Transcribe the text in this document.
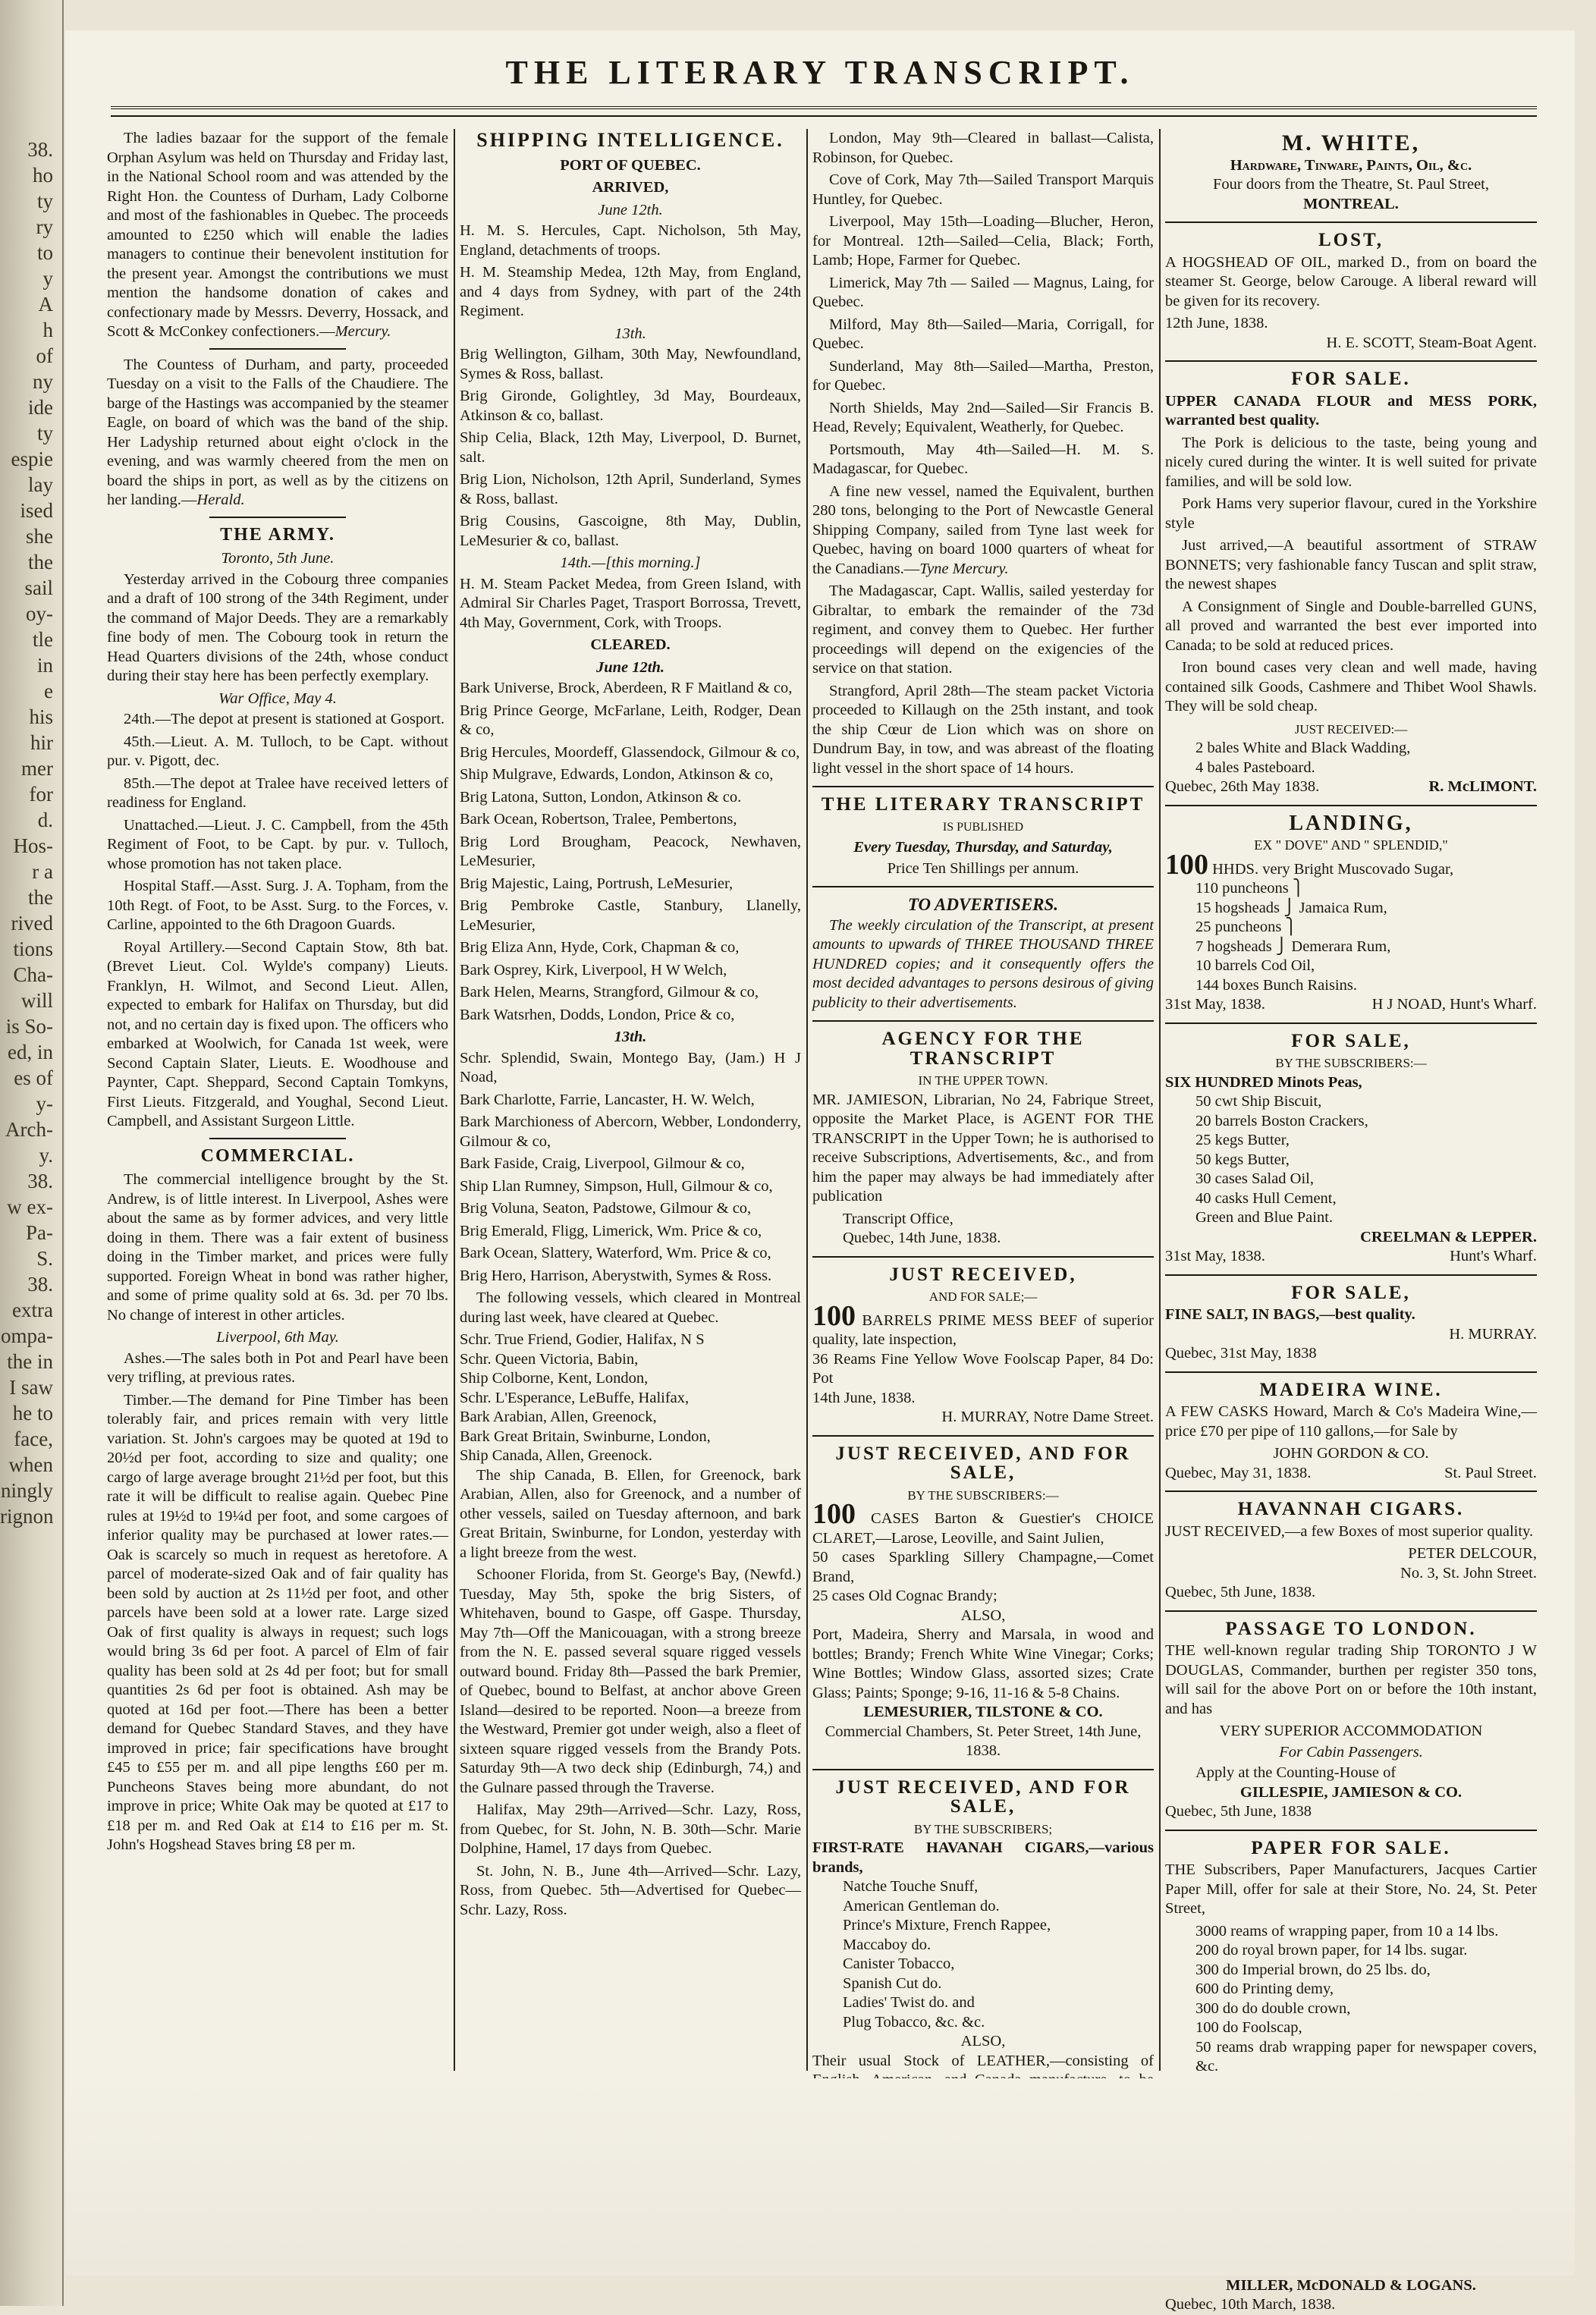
38.
ho
ty
ry
to
y
A
h
of
ny
ide
ty
espie
lay
ised
she
the
sail
oy-
tle
in
e
his
hir
mer
for
d.
Hos-
r a
the
rived
tions
Cha-
will
is So-
ed, in
es of
y-
Arch-
y.
38.
w ex-
Pa-
S.
38.
extra
ompa-
the in
I saw
he to
face,
when
ningly
rignon
THE LITERARY TRANSCRIPT.

The ladies bazaar for the support of the female Orphan Asylum was held on Thursday and Friday last, in the National School room and was attended by the Right Hon. the Countess of Durham, Lady Colborne and most of the fashionables in Quebec. The proceeds amounted to £250 which will enable the ladies managers to continue their benevolent institution for the present year. Amongst the contributions we must mention the handsome donation of cakes and confectionary made by Messrs. Deverry, Hossack, and Scott & McConkey confectioners.—Mercury.

The Countess of Durham, and party, proceeded Tuesday on a visit to the Falls of the Chaudiere. The barge of the Hastings was accompanied by the steamer Eagle, on board of which was the band of the ship. Her Ladyship returned about eight o'clock in the evening, and was warmly cheered from the men on board the ships in port, as well as by the citizens on her landing.—Herald.

THE ARMY.
Toronto, 5th June.

Yesterday arrived in the Cobourg three companies and a draft of 100 strong of the 34th Regiment, under the command of Major Deeds. They are a remarkably fine body of men. The Cobourg took in return the Head Quarters divisions of the 24th, whose conduct during their stay here has been perfectly exemplary.

War Office, May 4.

24th.—The depot at present is stationed at Gosport.

45th.—Lieut. A. M. Tulloch, to be Capt. without pur. v. Pigott, dec.

85th.—The depot at Tralee have received letters of readiness for England.

Unattached.—Lieut. J. C. Campbell, from the 45th Regiment of Foot, to be Capt. by pur. v. Tulloch, whose promotion has not taken place.

Hospital Staff.—Asst. Surg. J. A. Topham, from the 10th Regt. of Foot, to be Asst. Surg. to the Forces, v. Carline, appointed to the 6th Dragoon Guards.

Royal Artillery.—Second Captain Stow, 8th bat. (Brevet Lieut. Col. Wylde's company) Lieuts. Franklyn, H. Wilmot, and Second Lieut. Allen, expected to embark for Halifax on Thursday, but did not, and no certain day is fixed upon. The officers who embarked at Woolwich, for Canada 1st week, were Second Captain Slater, Lieuts. E. Woodhouse and Paynter, Capt. Sheppard, Second Captain Tomkyns, First Lieuts. Fitzgerald, and Youghal, Second Lieut. Campbell, and Assistant Surgeon Little.

COMMERCIAL.

The commercial intelligence brought by the St. Andrew, is of little interest. In Liverpool, Ashes were about the same as by former advices, and very little doing in them. There was a fair extent of business doing in the Timber market, and prices were fully supported. Foreign Wheat in bond was rather higher, and some of prime quality sold at 6s. 3d. per 70 lbs. No change of interest in other articles.

Liverpool, 6th May.

Ashes.—The sales both in Pot and Pearl have been very trifling, at previous rates.

Timber.—The demand for Pine Timber has been tolerably fair, and prices remain with very little variation. St. John's cargoes may be quoted at 19d to 20½d per foot, according to size and quality; one cargo of large average brought 21½d per foot, but this rate it will be difficult to realise again. Quebec Pine rules at 19½d to 19¼d per foot, and some cargoes of inferior quality may be purchased at lower rates.—Oak is scarcely so much in request as heretofore. A parcel of moderate-sized Oak and of fair quality has been sold by auction at 2s 11½d per foot, and other parcels have been sold at a lower rate. Large sized Oak of first quality is always in request; such logs would bring 3s 6d per foot. A parcel of Elm of fair quality has been sold at 2s 4d per foot; but for small quantities 2s 6d per foot is obtained. Ash may be quoted at 16d per foot.—There has been a better demand for Quebec Standard Staves, and they have improved in price; fair specifications have brought £45 to £55 per m. and all pipe lengths £60 per m. Puncheons Staves being more abundant, do not improve in price; White Oak may be quoted at £17 to £18 per m. and Red Oak at £14 to £16 per m. St. John's Hogshead Staves bring £8 per m.

SHIPPING INTELLIGENCE.
PORT OF QUEBEC.
ARRIVED,
June 12th.

H. M. S. Hercules, Capt. Nicholson, 5th May, England, detachments of troops.

H. M. Steamship Medea, 12th May, from England, and 4 days from Sydney, with part of the 24th Regiment.

13th.

Brig Wellington, Gilham, 30th May, Newfoundland, Symes & Ross, ballast.

Brig Gironde, Golightley, 3d May, Bourdeaux, Atkinson & co, ballast.

Ship Celia, Black, 12th May, Liverpool, D. Burnet, salt.

Brig Lion, Nicholson, 12th April, Sunderland, Symes & Ross, ballast.

Brig Cousins, Gascoigne, 8th May, Dublin, LeMesurier & co, ballast.

14th.—[this morning.]

H. M. Steam Packet Medea, from Green Island, with Admiral Sir Charles Paget, Trasport Borrossa, Trevett, 4th May, Government, Cork, with Troops.

CLEARED.
June 12th.

Bark Universe, Brock, Aberdeen, R F Maitland & co,

Brig Prince George, McFarlane, Leith, Rodger, Dean & co,

Brig Hercules, Moordeff, Glassendock, Gilmour & co,

Ship Mulgrave, Edwards, London, Atkinson & co,

Brig Latona, Sutton, London, Atkinson & co.

Bark Ocean, Robertson, Tralee, Pembertons,

Brig Lord Brougham, Peacock, Newhaven, LeMesurier,

Brig Majestic, Laing, Portrush, LeMesurier,

Brig Pembroke Castle, Stanbury, Llanelly, LeMesurier,

Brig Eliza Ann, Hyde, Cork, Chapman & co,

Bark Osprey, Kirk, Liverpool, H W Welch,

Bark Helen, Mearns, Strangford, Gilmour & co,

Bark Watsrhen, Dodds, London, Price & co,

13th.

Schr. Splendid, Swain, Montego Bay, (Jam.) H J Noad,

Bark Charlotte, Farrie, Lancaster, H. W. Welch,

Bark Marchioness of Abercorn, Webber, Londonderry, Gilmour & co,

Bark Faside, Craig, Liverpool, Gilmour & co,

Ship Llan Rumney, Simpson, Hull, Gilmour & co,

Brig Voluna, Seaton, Padstowe, Gilmour & co,

Brig Emerald, Fligg, Limerick, Wm. Price & co,

Bark Ocean, Slattery, Waterford, Wm. Price & co,

Brig Hero, Harrison, Aberystwith, Symes & Ross.

The following vessels, which cleared in Montreal during last week, have cleared at Quebec.

Schr. True Friend, Godier, Halifax, N S
Schr. Queen Victoria, Babin,
Ship Colborne, Kent, London,
Schr. L'Esperance, LeBuffe, Halifax,
Bark Arabian, Allen, Greenock,
Bark Great Britain, Swinburne, London,
Ship Canada, Allen, Greenock.

The ship Canada, B. Ellen, for Greenock, bark Arabian, Allen, also for Greenock, and a number of other vessels, sailed on Tuesday afternoon, and bark Great Britain, Swinburne, for London, yesterday with a light breeze from the west.

Schooner Florida, from St. George's Bay, (Newfd.) Tuesday, May 5th, spoke the brig Sisters, of Whitehaven, bound to Gaspe, off Gaspe. Thursday, May 7th—Off the Manicouagan, with a strong breeze from the N. E. passed several square rigged vessels outward bound. Friday 8th—Passed the bark Premier, of Quebec, bound to Belfast, at anchor above Green Island—desired to be reported. Noon—a breeze from the Westward, Premier got under weigh, also a fleet of sixteen square rigged vessels from the Brandy Pots. Saturday 9th—A two deck ship (Edinburgh, 74,) and the Gulnare passed through the Traverse.

Halifax, May 29th—Arrived—Schr. Lazy, Ross, from Quebec, for St. John, N. B. 30th—Schr. Marie Dolphine, Hamel, 17 days from Quebec.

St. John, N. B., June 4th—Arrived—Schr. Lazy, Ross, from Quebec. 5th—Advertised for Quebec—Schr. Lazy, Ross.

London, May 9th—Cleared in ballast—Calista, Robinson, for Quebec.

Cove of Cork, May 7th—Sailed Transport Marquis Huntley, for Quebec.

Liverpool, May 15th—Loading—Blucher, Heron, for Montreal. 12th—Sailed—Celia, Black; Forth, Lamb; Hope, Farmer for Quebec.

Limerick, May 7th — Sailed — Magnus, Laing, for Quebec.

Milford, May 8th—Sailed—Maria, Corrigall, for Quebec.

Sunderland, May 8th—Sailed—Martha, Preston, for Quebec.

North Shields, May 2nd—Sailed—Sir Francis B. Head, Revely; Equivalent, Weatherly, for Quebec.

Portsmouth, May 4th—Sailed—H. M. S. Madagascar, for Quebec.

A fine new vessel, named the Equivalent, burthen 280 tons, belonging to the Port of Newcastle General Shipping Company, sailed from Tyne last week for Quebec, having on board 1000 quarters of wheat for the Canadians.—Tyne Mercury.

The Madagascar, Capt. Wallis, sailed yesterday for Gibraltar, to embark the remainder of the 73d regiment, and convey them to Quebec. Her further proceedings will depend on the exigencies of the service on that station.

Strangford, April 28th—The steam packet Victoria proceeded to Killaugh on the 25th instant, and took the ship Cœur de Lion which was on shore on Dundrum Bay, in tow, and was abreast of the floating light vessel in the short space of 14 hours.

THE LITERARY TRANSCRIPT
IS PUBLISHED
Every Tuesday, Thursday, and Saturday,
Price Ten Shillings per annum.
TO ADVERTISERS.

The weekly circulation of the Transcript, at present amounts to upwards of THREE THOUSAND THREE HUNDRED copies; and it consequently offers the most decided advantages to persons desirous of giving publicity to their advertisements.

AGENCY FOR THE TRANSCRIPT
IN THE UPPER TOWN.

MR. JAMIESON, Librarian, No 24, Fabrique Street, opposite the Market Place, is AGENT FOR THE TRANSCRIPT in the Upper Town; he is authorised to receive Subscriptions, Advertisements, &c., and from him the paper may always be had immediately after publication

Transcript Office,
Quebec, 14th June, 1838.
JUST RECEIVED,
AND FOR SALE;—
100 BARRELS PRIME MESS BEEF of superior quality, late inspection,
36 Reams Fine Yellow Wove Foolscap Paper, 84 Do: Pot
14th June, 1838.
H. MURRAY, Notre Dame Street.
JUST RECEIVED, AND FOR SALE,
BY THE SUBSCRIBERS:—
100 CASES Barton & Guestier's CHOICE CLARET,—Larose, Leoville, and Saint Julien,
50 cases Sparkling Sillery Champagne,—Comet Brand,
25 cases Old Cognac Brandy;
ALSO,
Port, Madeira, Sherry and Marsala, in wood and bottles; Brandy; French White Wine Vinegar; Corks; Wine Bottles; Window Glass, assorted sizes; Crate Glass; Paints; Sponge; 9-16, 11-16 & 5-8 Chains.
LEMESURIER, TILSTONE & CO.
Commercial Chambers, St. Peter Street, 14th June, 1838.
JUST RECEIVED, AND FOR SALE,
BY THE SUBSCRIBERS;
FIRST-RATE HAVANAH CIGARS,—various brands,
Natche Touche Snuff,
American Gentleman do.
Prince's Mixture, French Rappee,
Maccaboy do.
Canister Tobacco,
Spanish Cut do.
Ladies' Twist do. and
Plug Tobacco, &c. &c.
ALSO,
Their usual Stock of LEATHER,—consisting of
M. WHITE,
Hardware, Tinware, Paints, Oil, &c.
Four doors from the Theatre, St. Paul Street,
MONTREAL.
LOST,

A HOGSHEAD OF OIL, marked D., from on board the steamer St. George, below Carouge. A liberal reward will be given for its recovery.

12th June, 1838.
H. E. SCOTT, Steam-Boat Agent.
FOR SALE.

UPPER CANADA FLOUR and MESS PORK, warranted best quality.

The Pork is delicious to the taste, being young and nicely cured during the winter. It is well suited for private families, and will be sold low.

Pork Hams very superior flavour, cured in the Yorkshire style

Just arrived,—A beautiful assortment of STRAW BONNETS; very fashionable fancy Tuscan and split straw, the newest shapes

A Consignment of Single and Double-barrelled GUNS, all proved and warranted the best ever imported into Canada; to be sold at reduced prices.

Iron bound cases very clean and well made, having contained silk Goods, Cashmere and Thibet Wool Shawls. They will be sold cheap.

JUST RECEIVED:—
2 bales White and Black Wadding,
4 bales Pasteboard.
Quebec, 26th May 1838.	R. McLIMONT.
LANDING,
EX " DOVE" AND " SPLENDID,"
100 HHDS. very Bright Muscovado Sugar,
110 puncheons ⎫
15 hogsheads ⎭ Jamaica Rum,
25 puncheons ⎫
7 hogsheads ⎭ Demerara Rum,
10 barrels Cod Oil,
144 boxes Bunch Raisins.
31st May, 1838.	H J NOAD, Hunt's Wharf.
FOR SALE,
BY THE SUBSCRIBERS:—
SIX HUNDRED Minots Peas,
50 cwt Ship Biscuit,
20 barrels Boston Crackers,
25 kegs Butter,
50 kegs Butter,
30 cases Salad Oil,
40 casks Hull Cement,
Green and Blue Paint.
CREELMAN & LEPPER.
31st May, 1838.	Hunt's Wharf.
FOR SALE,
FINE SALT, IN BAGS,—best quality.
H. MURRAY.
Quebec, 31st May, 1838
MADEIRA WINE.

A FEW CASKS Howard, March & Co's Madeira Wine,—price £70 per pipe of 110 gallons,—for Sale by

JOHN GORDON & CO.
Quebec, May 31, 1838.	St. Paul Street.
HAVANNAH CIGARS.

JUST RECEIVED,—a few Boxes of most superior quality.

PETER DELCOUR,
No. 3, St. John Street.
Quebec, 5th June, 1838.
PASSAGE TO LONDON.

THE well-known regular trading Ship TORONTO J W DOUGLAS, Commander, burthen per register 350 tons, will sail for the above Port on or before the 10th instant, and has

VERY SUPERIOR ACCOMMODATION
For Cabin Passengers.
Apply at the Counting-House of
GILLESPIE, JAMIESON & CO.
Quebec, 5th June, 1838
PAPER FOR SALE.

THE Subscribers, Paper Manufacturers, Jacques Cartier Paper Mill, offer for sale at their Store, No. 24, St. Peter Street,

3000 reams of wrapping paper, from 10 a 14 lbs.
200 do royal brown paper, for 14 lbs. sugar.
300 do Imperial brown, do 25 lbs. do,
600 do Printing demy,
300 do do double crown,
100 do Foolscap,
50 reams drab wrapping paper for newspaper covers, &c.

MILLER, McDONALD & LOGANS.
Quebec, 10th March, 1838.
